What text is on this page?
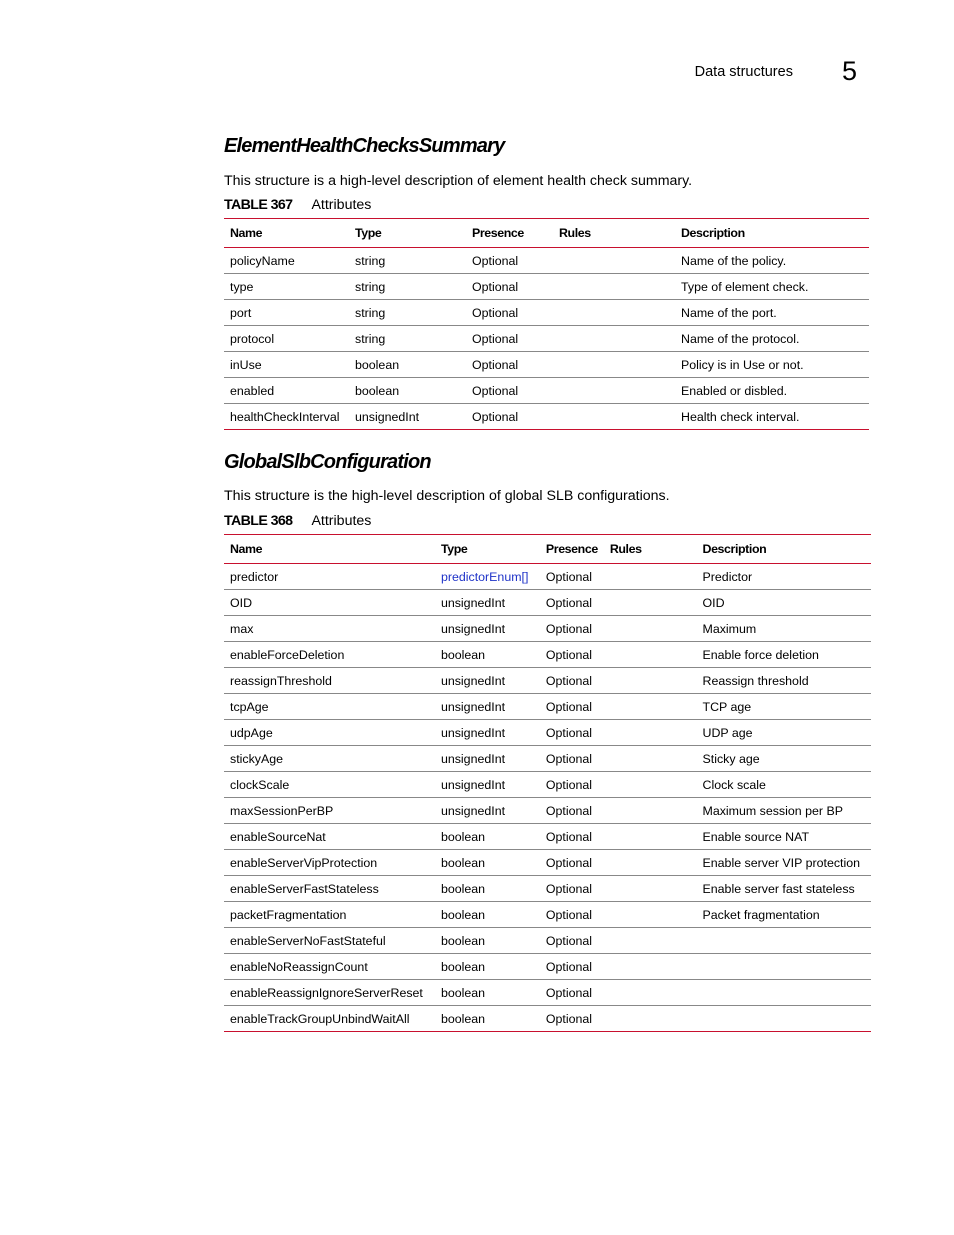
Data structures 5
ElementHealthChecksSummary

This structure is a high-level description of element health check summary.

TABLE 367 Attributes

Name	Type	Presence	Rules	Description
policyName	string	Optional		Name of the policy.
type	string	Optional		Type of element check.
port	string	Optional		Name of the port.
protocol	string	Optional		Name of the protocol.
inUse	boolean	Optional		Policy is in Use or not.
enabled	boolean	Optional		Enabled or disbled.
healthCheckInterval	unsignedInt	Optional		Health check interval.
GlobalSlbConfiguration

This structure is the high-level description of global SLB configurations.

TABLE 368 Attributes

Name	Type	Presence	Rules	Description
predictor	predictorEnum[]	Optional		Predictor
OID	unsignedInt	Optional		OID
max	unsignedInt	Optional		Maximum
enableForceDeletion	boolean	Optional		Enable force deletion
reassignThreshold	unsignedInt	Optional		Reassign threshold
tcpAge	unsignedInt	Optional		TCP age
udpAge	unsignedInt	Optional		UDP age
stickyAge	unsignedInt	Optional		Sticky age
clockScale	unsignedInt	Optional		Clock scale
maxSessionPerBP	unsignedInt	Optional		Maximum session per BP
enableSourceNat	boolean	Optional		Enable source NAT
enableServerVipProtection	boolean	Optional		Enable server VIP protection
enableServerFastStateless	boolean	Optional		Enable server fast stateless
packetFragmentation	boolean	Optional		Packet fragmentation
enableServerNoFastStateful	boolean	Optional		
enableNoReassignCount	boolean	Optional		
enableReassignIgnoreServerReset	boolean	Optional		
enableTrackGroupUnbindWaitAll	boolean	Optional		
